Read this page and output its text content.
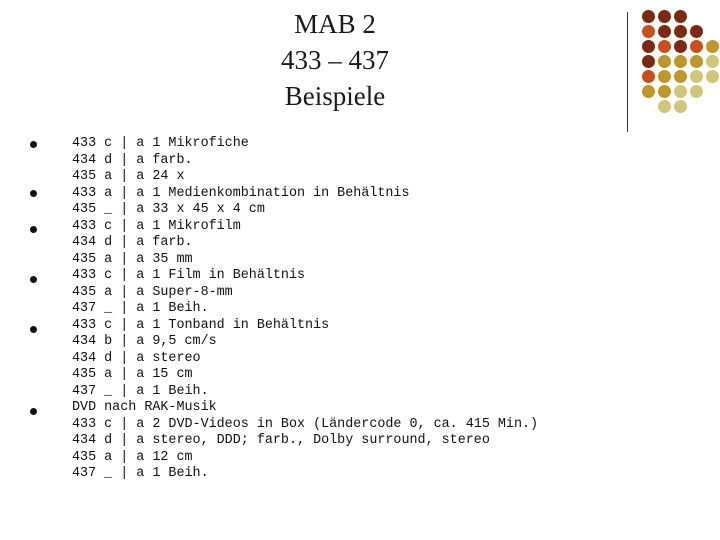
MAB 2
433 – 437
Beispiele
433 c | a 1 Mikrofiche
434 d | a farb.
435 a | a 24 x
433 a | a 1 Medienkombination in Behältnis
435 _ | a 33 x 45 x 4 cm
433 c | a 1 Mikrofilm
434 d | a farb.
435 a | a 35 mm
433 c | a 1 Film in Behältnis
435 a | a Super-8-mm
437 _ | a 1 Beih.
433 c | a 1 Tonband in Behältnis
434 b | a 9,5 cm/s
434 d | a stereo
435 a | a 15 cm
437 _ | a 1 Beih.
DVD nach RAK-Musik
433 c | a 2 DVD-Videos in Box (Ländercode 0, ca. 415 Min.)
434 d | a stereo, DDD; farb., Dolby surround, stereo
435 a | a 12 cm
437 _ | a 1 Beih.
